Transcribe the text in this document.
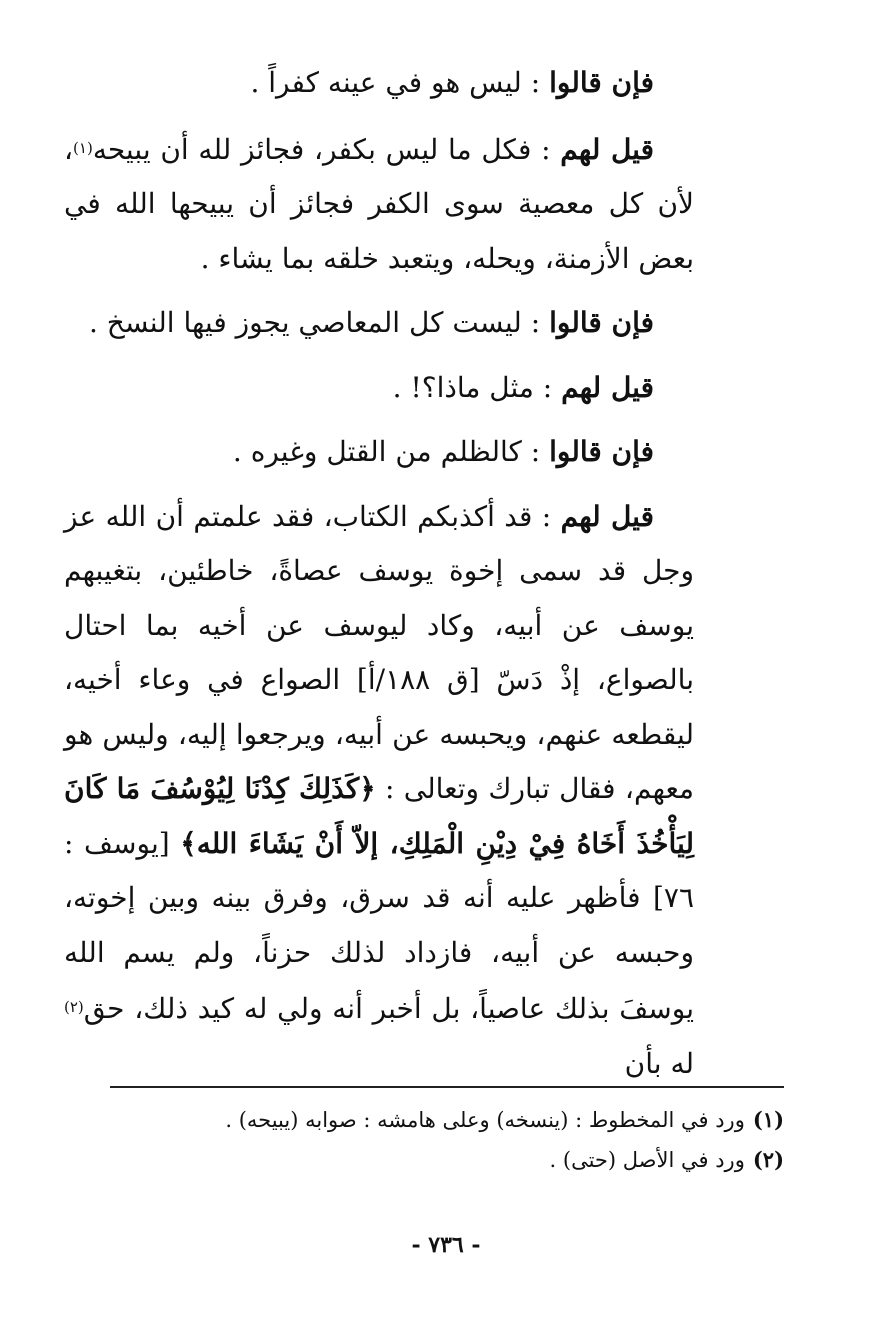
فإن قالوا : ليس هو في عينه كفراً .

قيل لهم : فكل ما ليس بكفر، فجائز لله أن يبيحه$^{(١)}$، لأن كل معصية سوى الكفر فجائز أن يبيحها الله في بعض الأزمنة، ويحله، ويتعبد خلقه بما يشاء .

فإن قالوا : ليست كل المعاصي يجوز فيها النسخ .

قيل لهم : مثل ماذا؟! .

فإن قالوا : كالظلم من القتل وغيره .

قيل لهم : قد أكذبكم الكتاب، فقد علمتم أن الله عز وجل قد سمى إخوة يوسف عصاةً، خاطئين، بتغيبهم يوسف عن أبيه، وكاد ليوسف عن أخيه بما احتال بالصواع، إذْ دَسّ [ق ١٨٨/أ] الصواع في وعاء أخيه، ليقطعه عنهم، ويحبسه عن أبيه، ويرجعوا إليه، وليس هو معهم، فقال تبارك وتعالى : ﴿كَذَلِكَ كِدْنَا لِيُوْسُفَ مَا كَانَ لِيَأْخُذَ أَخَاهُ فِيْ دِيْنِ الْمَلِكِ، إلاّ أَنْ يَشَاءَ الله﴾ [يوسف : ٧٦] فأظهر عليه أنه قد سرق، وفرق بينه وبين إخوته، وحبسه عن أبيه، فازداد لذلك حزناً، ولم يسم الله يوسفَ بذلك عاصياً، بل أخبر أنه ولي له كيد ذلك، حق$^{(٢)}$ له بأن

(١)ورد في المخطوط : (ينسخه) وعلى هامشه : صوابه (يبيحه) .

(٢)ورد في الأصل (حتى) .

- ٧٣٦ -
